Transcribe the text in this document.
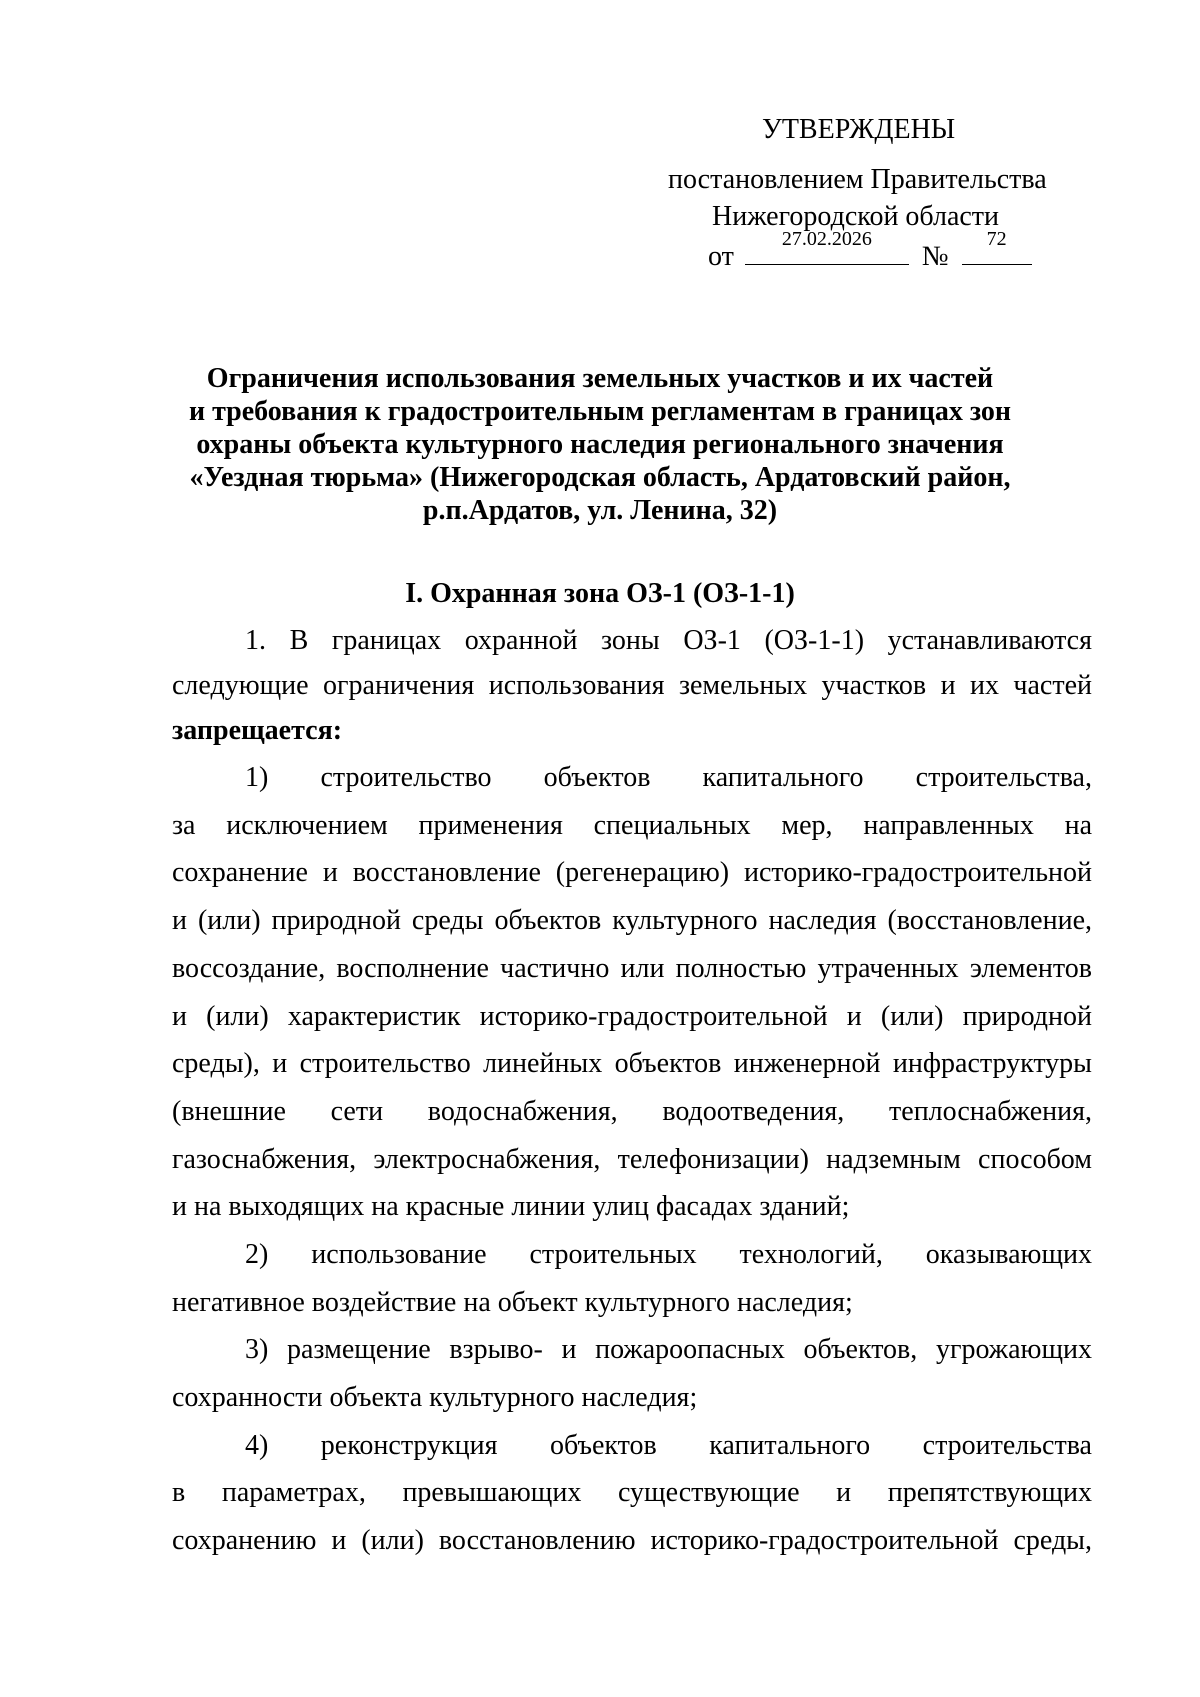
УТВЕРЖДЕНЫ
постановлением Правительства
Нижегородской области
от
27.02.2026
№
72
Ограничения использования земельных участков и их частей
и требования к градостроительным регламентам в границах зон
охраны объекта культурного наследия регионального значения
«Уездная тюрьма» (Нижегородская область, Ардатовский район,
р.п.Ардатов, ул. Ленина, 32)
I. Охранная зона ОЗ-1 (ОЗ-1-1)
1. В границах охранной зоны ОЗ-1 (ОЗ-1-1) устанавливаются
следующие ограничения использования земельных участков и их частей
запрещается:
1) строительство объектов капитального строительства,
за исключением применения специальных мер, направленных на
сохранение и восстановление (регенерацию) историко-градостроительной
и (или) природной среды объектов культурного наследия (восстановление,
воссоздание, восполнение частично или полностью утраченных элементов
и (или) характеристик историко-градостроительной и (или) природной
среды), и строительство линейных объектов инженерной инфраструктуры
(внешние сети водоснабжения, водоотведения, теплоснабжения,
газоснабжения, электроснабжения, телефонизации) надземным способом
и на выходящих на красные линии улиц фасадах зданий;
2) использование строительных технологий, оказывающих
негативное воздействие на объект культурного наследия;
3) размещение взрыво- и пожароопасных объектов, угрожающих
сохранности объекта культурного наследия;
4) реконструкция объектов капитального строительства
в параметрах, превышающих существующие и препятствующих
сохранению и (или) восстановлению историко-градостроительной среды,
